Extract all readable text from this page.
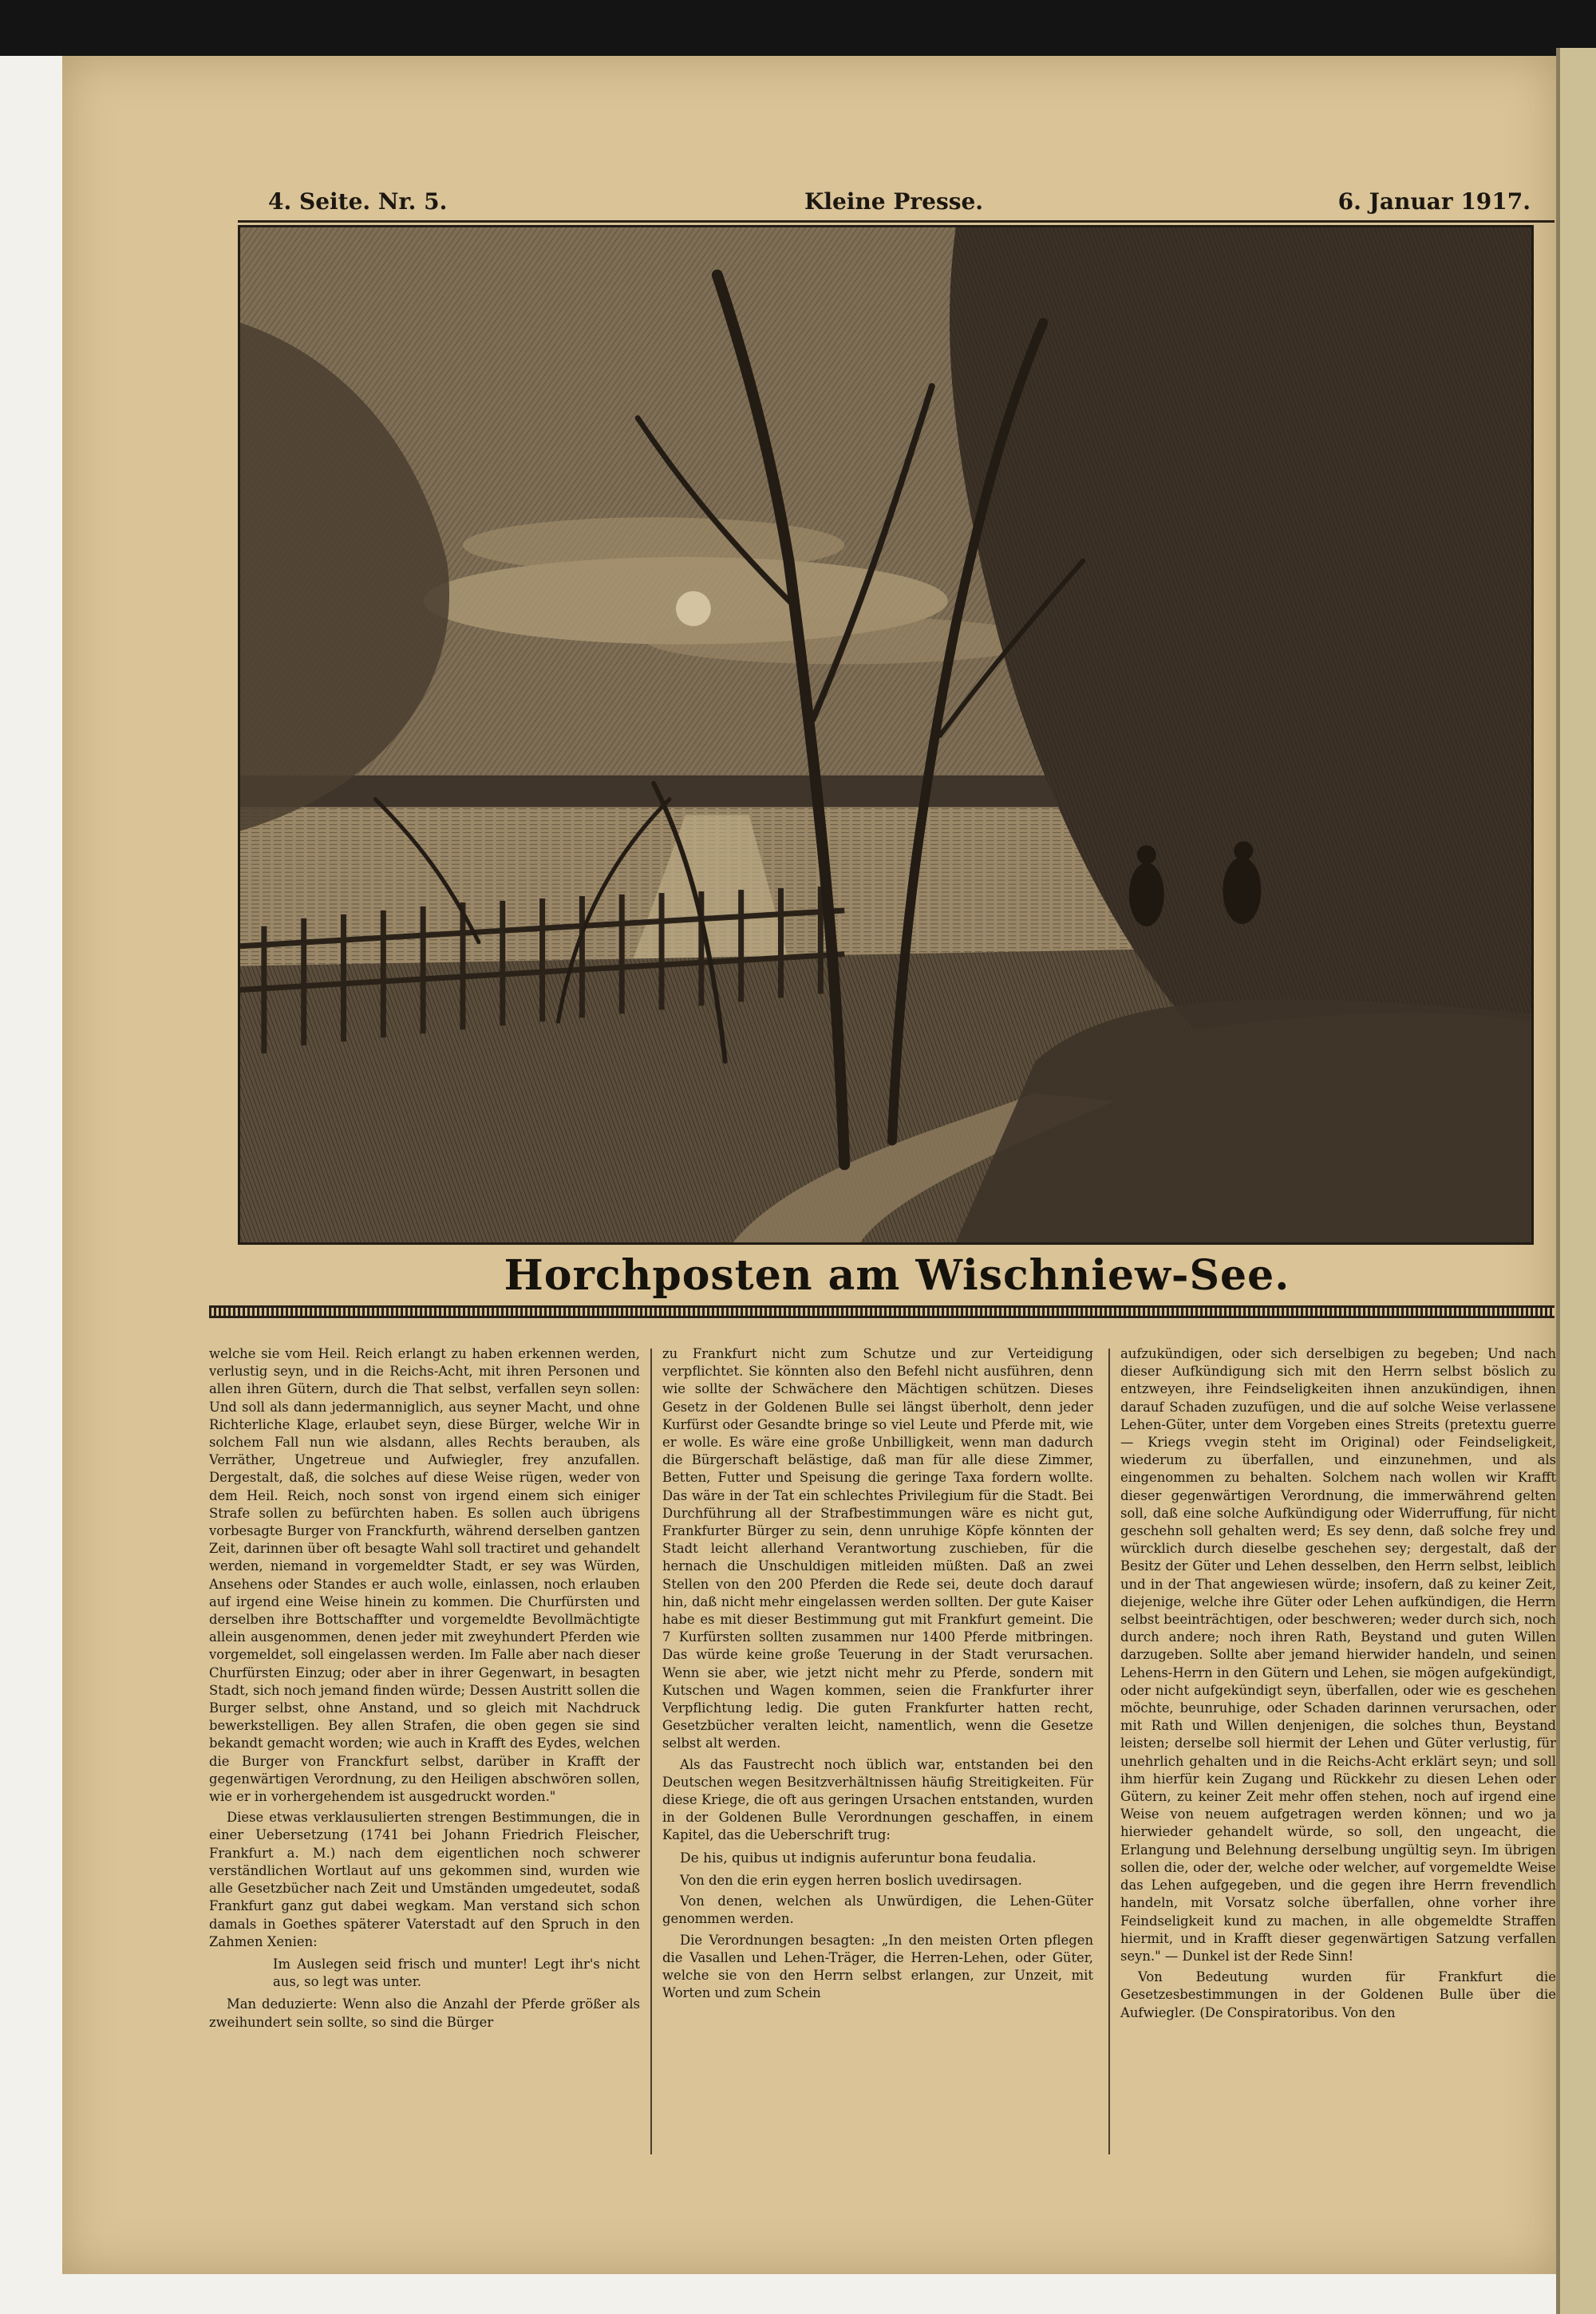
4. Seite. Nr. 5.	Kleine Presse.	6. Januar 1917.
Horchposten am Wischniew-See.

welche sie vom Heil. Reich erlangt zu haben erkennen werden, verlustig seyn, und in die Reichs-Acht, mit ihren Personen und allen ihren Gütern, durch die That selbst, verfallen seyn sollen: Und soll als dann jedermanniglich, aus seyner Macht, und ohne Richterliche Klage, erlaubet seyn, diese Bürger, welche Wir in solchem Fall nun wie alsdann, alles Rechts berauben, als Verräther, Ungetreue und Aufwiegler, frey anzufallen. Dergestalt, daß, die solches auf diese Weise rügen, weder von dem Heil. Reich, noch sonst von irgend einem sich einiger Strafe sollen zu befürchten haben. Es sollen auch übrigens vorbesagte Burger von Franckfurth, während derselben gantzen Zeit, darinnen über oft besagte Wahl soll tractiret und gehandelt werden, niemand in vorgemeldter Stadt, er sey was Würden, Ansehens oder Standes er auch wolle, einlassen, noch erlauben auf irgend eine Weise hinein zu kommen. Die Churfürsten und derselben ihre Bottschaffter und vorgemeldte Bevollmächtigte allein ausgenommen, denen jeder mit zweyhundert Pferden wie vorgemeldet, soll eingelassen werden. Im Falle aber nach dieser Churfürsten Einzug; oder aber in ihrer Gegenwart, in besagten Stadt, sich noch jemand finden würde; Dessen Austritt sollen die Burger selbst, ohne Anstand, und so gleich mit Nachdruck bewerkstelligen. Bey allen Strafen, die oben gegen sie sind bekandt gemacht worden; wie auch in Krafft des Eydes, welchen die Burger von Franckfurt selbst, darüber in Krafft der gegenwärtigen Verordnung, zu den Heiligen abschwören sollen, wie er in vorhergehendem ist ausgedruckt worden."

Diese etwas verklausulierten strengen Bestimmungen, die in einer Uebersetzung (1741 bei Johann Friedrich Fleischer, Frankfurt a. M.) nach dem eigentlichen noch schwerer verständlichen Wortlaut auf uns gekommen sind, wurden wie alle Gesetzbücher nach Zeit und Umständen umgedeutet, sodaß Frankfurt ganz gut dabei wegkam. Man verstand sich schon damals in Goethes späterer Vaterstadt auf den Spruch in den Zahmen Xenien:

Im Auslegen seid frisch und munter! Legt ihr's nicht aus, so legt was unter.

Man deduzierte: Wenn also die Anzahl der Pferde größer als zweihundert sein sollte, so sind die Bürger

zu Frankfurt nicht zum Schutze und zur Verteidigung verpflichtet. Sie könnten also den Befehl nicht ausführen, denn wie sollte der Schwächere den Mächtigen schützen. Dieses Gesetz in der Goldenen Bulle sei längst überholt, denn jeder Kurfürst oder Gesandte bringe so viel Leute und Pferde mit, wie er wolle. Es wäre eine große Unbilligkeit, wenn man dadurch die Bürgerschaft belästige, daß man für alle diese Zimmer, Betten, Futter und Speisung die geringe Taxa fordern wollte. Das wäre in der Tat ein schlechtes Privilegium für die Stadt. Bei Durchführung all der Strafbestimmungen wäre es nicht gut, Frankfurter Bürger zu sein, denn unruhige Köpfe könnten der Stadt leicht allerhand Verantwortung zuschieben, für die hernach die Unschuldigen mitleiden müßten. Daß an zwei Stellen von den 200 Pferden die Rede sei, deute doch darauf hin, daß nicht mehr eingelassen werden sollten. Der gute Kaiser habe es mit dieser Bestimmung gut mit Frankfurt gemeint. Die 7 Kurfürsten sollten zusammen nur 1400 Pferde mitbringen. Das würde keine große Teuerung in der Stadt verursachen. Wenn sie aber, wie jetzt nicht mehr zu Pferde, sondern mit Kutschen und Wagen kommen, seien die Frankfurter ihrer Verpflichtung ledig. Die guten Frankfurter hatten recht, Gesetzbücher veralten leicht, namentlich, wenn die Gesetze selbst alt werden.

Als das Faustrecht noch üblich war, entstanden bei den Deutschen wegen Besitzverhältnissen häufig Streitigkeiten. Für diese Kriege, die oft aus geringen Ursachen entstanden, wurden in der Goldenen Bulle Verordnungen geschaffen, in einem Kapitel, das die Ueberschrift trug:

De his, quibus ut indignis auferuntur bona feudalia.

Von den die erin eygen herren boslich uvedirsagen.

Von denen, welchen als Unwürdigen, die Lehen-Güter genommen werden.

Die Verordnungen besagten: „In den meisten Orten pflegen die Vasallen und Lehen-Träger, die Herren-Lehen, oder Güter, welche sie von den Herrn selbst erlangen, zur Unzeit, mit Worten und zum Schein

aufzukündigen, oder sich derselbigen zu begeben; Und nach dieser Aufkündigung sich mit den Herrn selbst böslich zu entzweyen, ihre Feindseligkeiten ihnen anzukündigen, ihnen darauf Schaden zuzufügen, und die auf solche Weise verlassene Lehen-Güter, unter dem Vorgeben eines Streits (pretextu guerre — Kriegs vvegin steht im Original) oder Feindseligkeit, wiederum zu überfallen, und einzunehmen, und als eingenommen zu behalten. Solchem nach wollen wir Krafft dieser gegenwärtigen Verordnung, die immerwährend gelten soll, daß eine solche Aufkündigung oder Widerruffung, für nicht geschehn soll gehalten werd; Es sey denn, daß solche frey und würcklich durch dieselbe geschehen sey; dergestalt, daß der Besitz der Güter und Lehen desselben, den Herrn selbst, leiblich und in der That angewiesen würde; insofern, daß zu keiner Zeit, diejenige, welche ihre Güter oder Lehen aufkündigen, die Herrn selbst beeinträchtigen, oder beschweren; weder durch sich, noch durch andere; noch ihren Rath, Beystand und guten Willen darzugeben. Sollte aber jemand hierwider handeln, und seinen Lehens-Herrn in den Gütern und Lehen, sie mögen aufgekündigt, oder nicht aufgekündigt seyn, überfallen, oder wie es geschehen möchte, beunruhige, oder Schaden darinnen verursachen, oder mit Rath und Willen denjenigen, die solches thun, Beystand leisten; derselbe soll hiermit der Lehen und Güter verlustig, für unehrlich gehalten und in die Reichs-Acht erklärt seyn; und soll ihm hierfür kein Zugang und Rückkehr zu diesen Lehen oder Gütern, zu keiner Zeit mehr offen stehen, noch auf irgend eine Weise von neuem aufgetragen werden können; und wo ja hierwieder gehandelt würde, so soll, den ungeacht, die Erlangung und Belehnung derselbung ungültig seyn. Im übrigen sollen die, oder der, welche oder welcher, auf vorgemeldte Weise das Lehen aufgegeben, und die gegen ihre Herrn frevendlich handeln, mit Vorsatz solche überfallen, ohne vorher ihre Feindseligkeit kund zu machen, in alle obgemeldte Straffen hiermit, und in Krafft dieser gegenwärtigen Satzung verfallen seyn." — Dunkel ist der Rede Sinn!

Von Bedeutung wurden für Frankfurt die Gesetzesbestimmungen in der Goldenen Bulle über die Aufwiegler. (De Conspiratoribus. Von den
